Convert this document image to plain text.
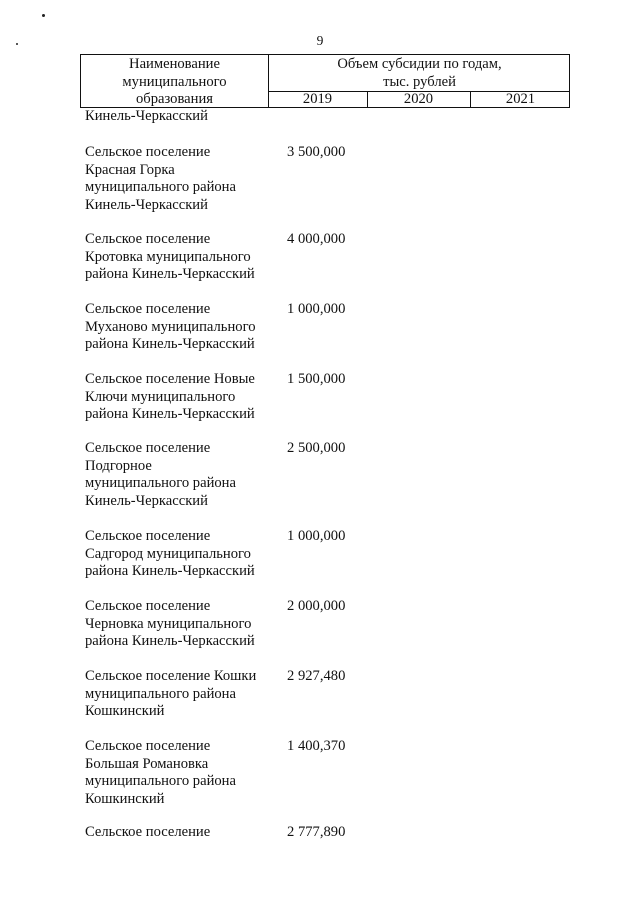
9
Наименование
муниципального
образования
Объем субсидии по годам,
тыс. рублей
2019	2020	2021
Кинель-Черкасский
Сельское поселение
Красная Горка
муниципального района
Кинель-Черкасский
3 500,000
Сельское поселение
Кротовка муниципального
района Кинель-Черкасский
4 000,000
Сельское поселение
Муханово муниципального
района Кинель-Черкасский
1 000,000
Сельское поселение Новые
Ключи муниципального
района Кинель-Черкасский
1 500,000
Сельское поселение
Подгорное
муниципального района
Кинель-Черкасский
2 500,000
Сельское поселение
Садгород муниципального
района Кинель-Черкасский
1 000,000
Сельское поселение
Черновка муниципального
района Кинель-Черкасский
2 000,000
Сельское поселение Кошки
муниципального района
Кошкинский
2 927,480
Сельское поселение
Большая Романовка
муниципального района
Кошкинский
1 400,370
Сельское поселение	2 777,890
